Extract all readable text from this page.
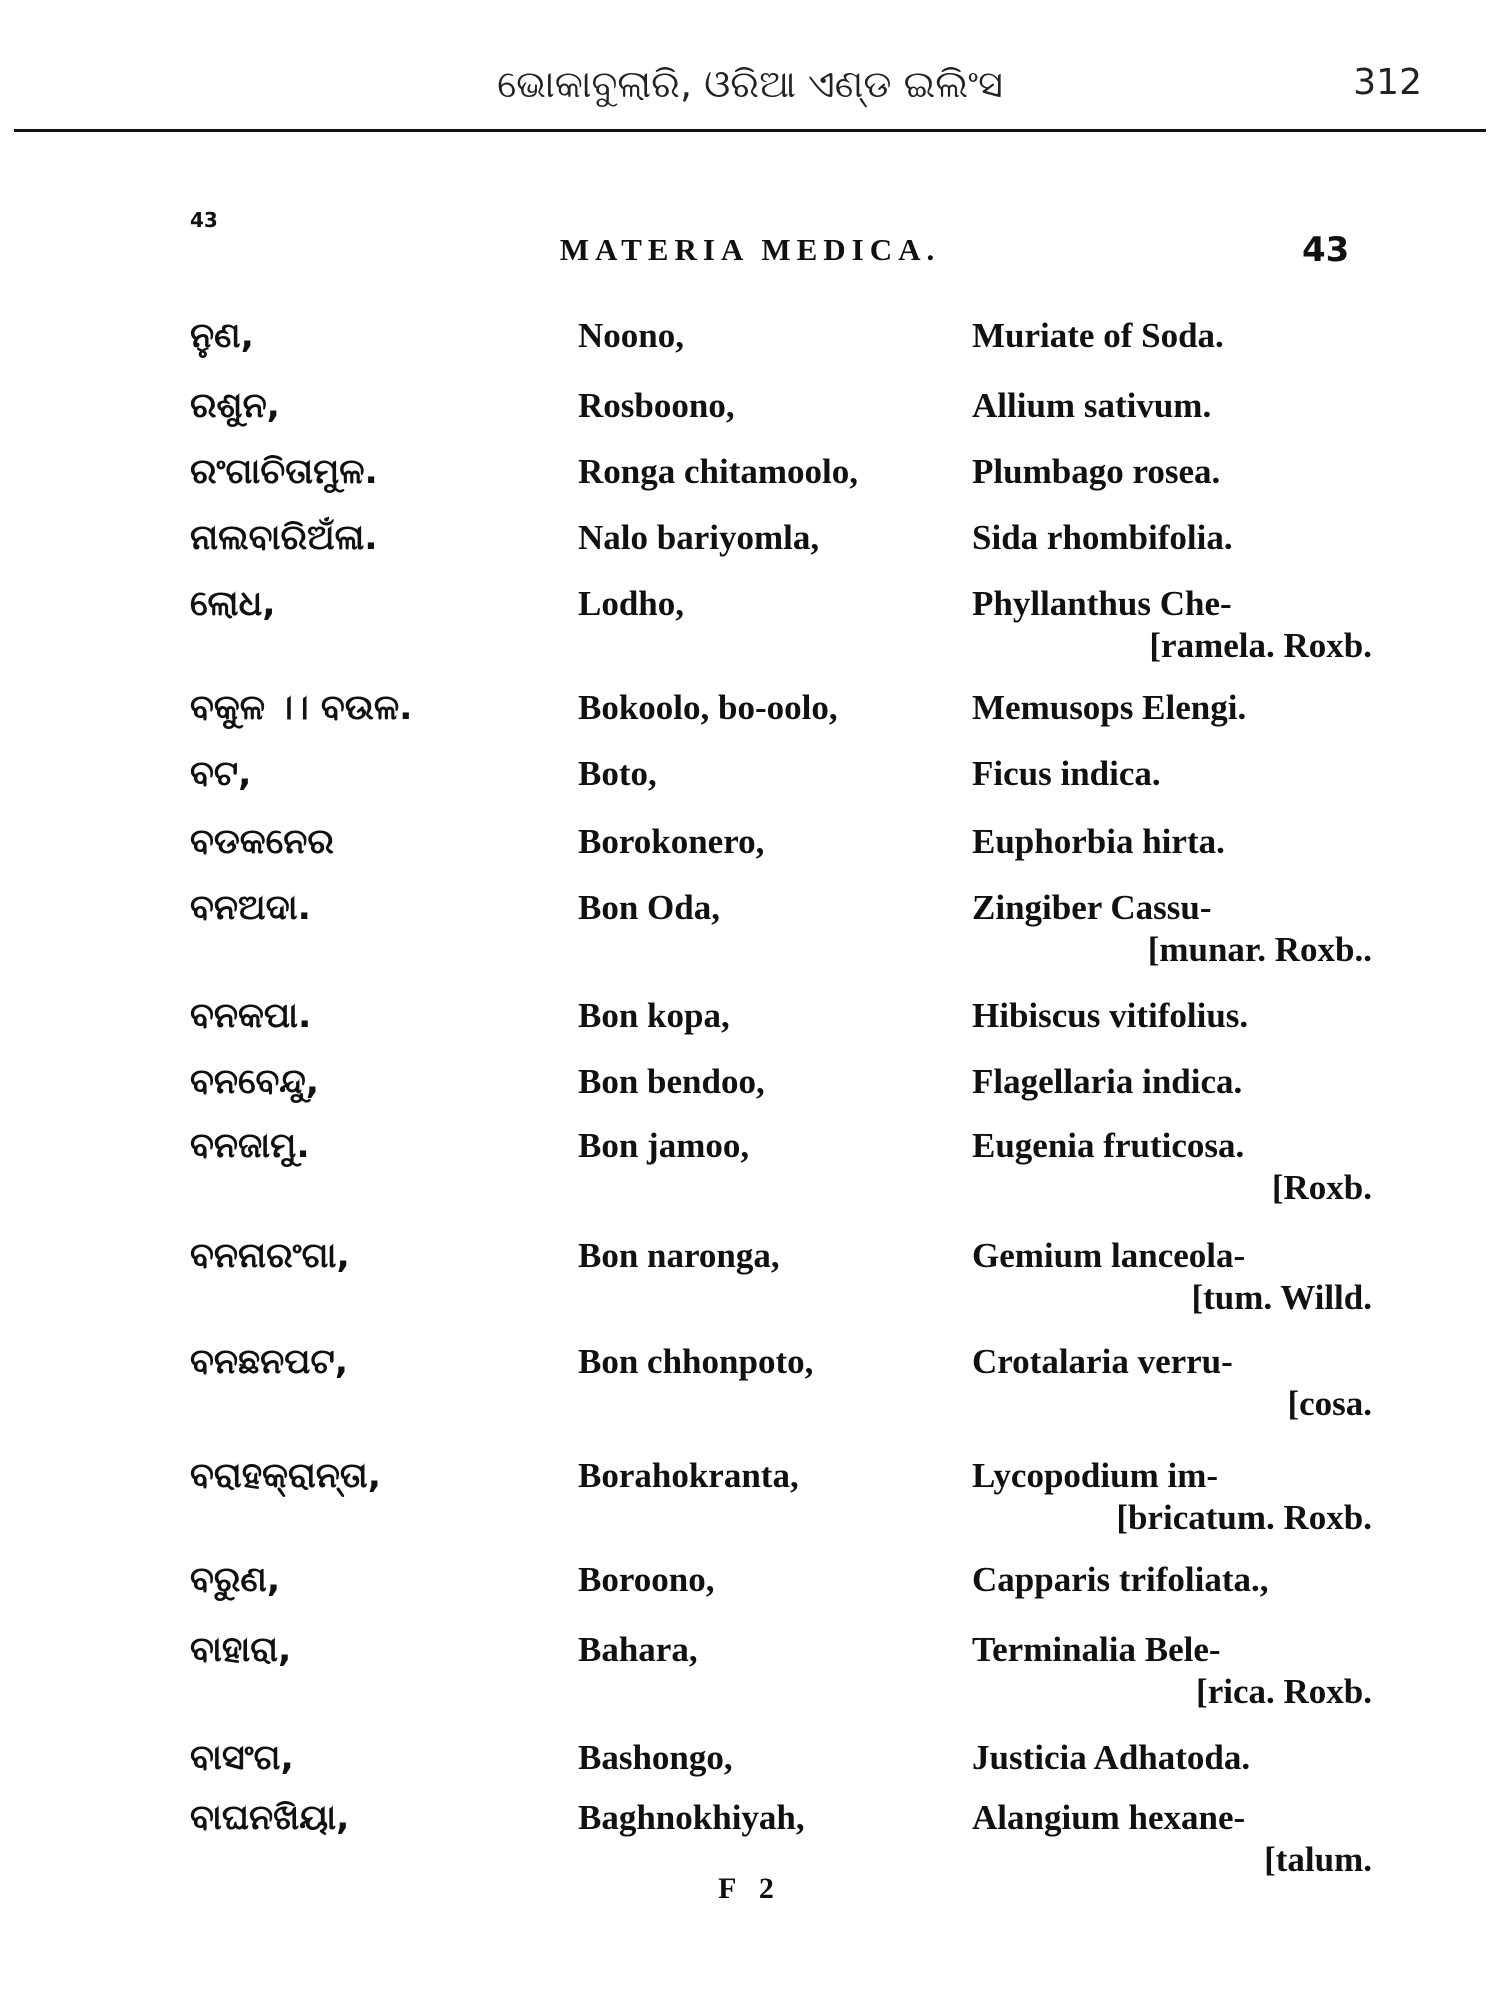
ଭୋକାବୁଲାରି, ଓରିଆ ଏଣ୍ଡ ଇଲିଂସ	312
43
MATERIA MEDICA.	43
ନୁଣ,	Noono,	Muriate of Soda.
ରଶୁନ,	Rosboono,	Allium sativum.
ରଂଗାଚିତାମୁଳ.	Ronga chitamoolo,	Plumbago rosea.
ନାଲବାରିଅଁଳା.	Nalo bariyomla,	Sida rhombifolia.
ଲୋଧ,	Lodho,	Phyllanthus Che-
[ramela. Roxb.
ବକୁଳ ।। ବଉଳ.	Bokoolo, bo-oolo,	Memusops Elengi.
ବଟ,	Boto,	Ficus indica.
ବଡକନେର	Borokonero,	Euphorbia hirta.
ବନଅଦା.	Bon Oda,	Zingiber Cassu-
[munar. Roxb..
ବନକପା.	Bon kopa,	Hibiscus vitifolius.
ବନବେନ୍ଦୁ,	Bon bendoo,	Flagellaria indica.
ବନଜାମୁ.	Bon jamoo,	Eugenia fruticosa.
[Roxb.
ବନନାରଂଗା,	Bon naronga,	Gemium lanceola-
[tum. Willd.
ବନଛନପଟ,	Bon chhonpoto,	Crotalaria verru-
[cosa.
ବରାହକ୍ରାନ୍ତା,	Borahokranta,	Lycopodium im-
[bricatum. Roxb.
ବରୁଣ,	Boroono,	Capparis trifoliata.,
ବାହାରା,	Bahara,	Terminalia Bele-
[rica. Roxb.
ବାସଂଗ,	Bashongo,	Justicia Adhatoda.
ବାଘନଖିୟା,	Baghnokhiyah,	Alangium hexane-
[talum.
F 2
